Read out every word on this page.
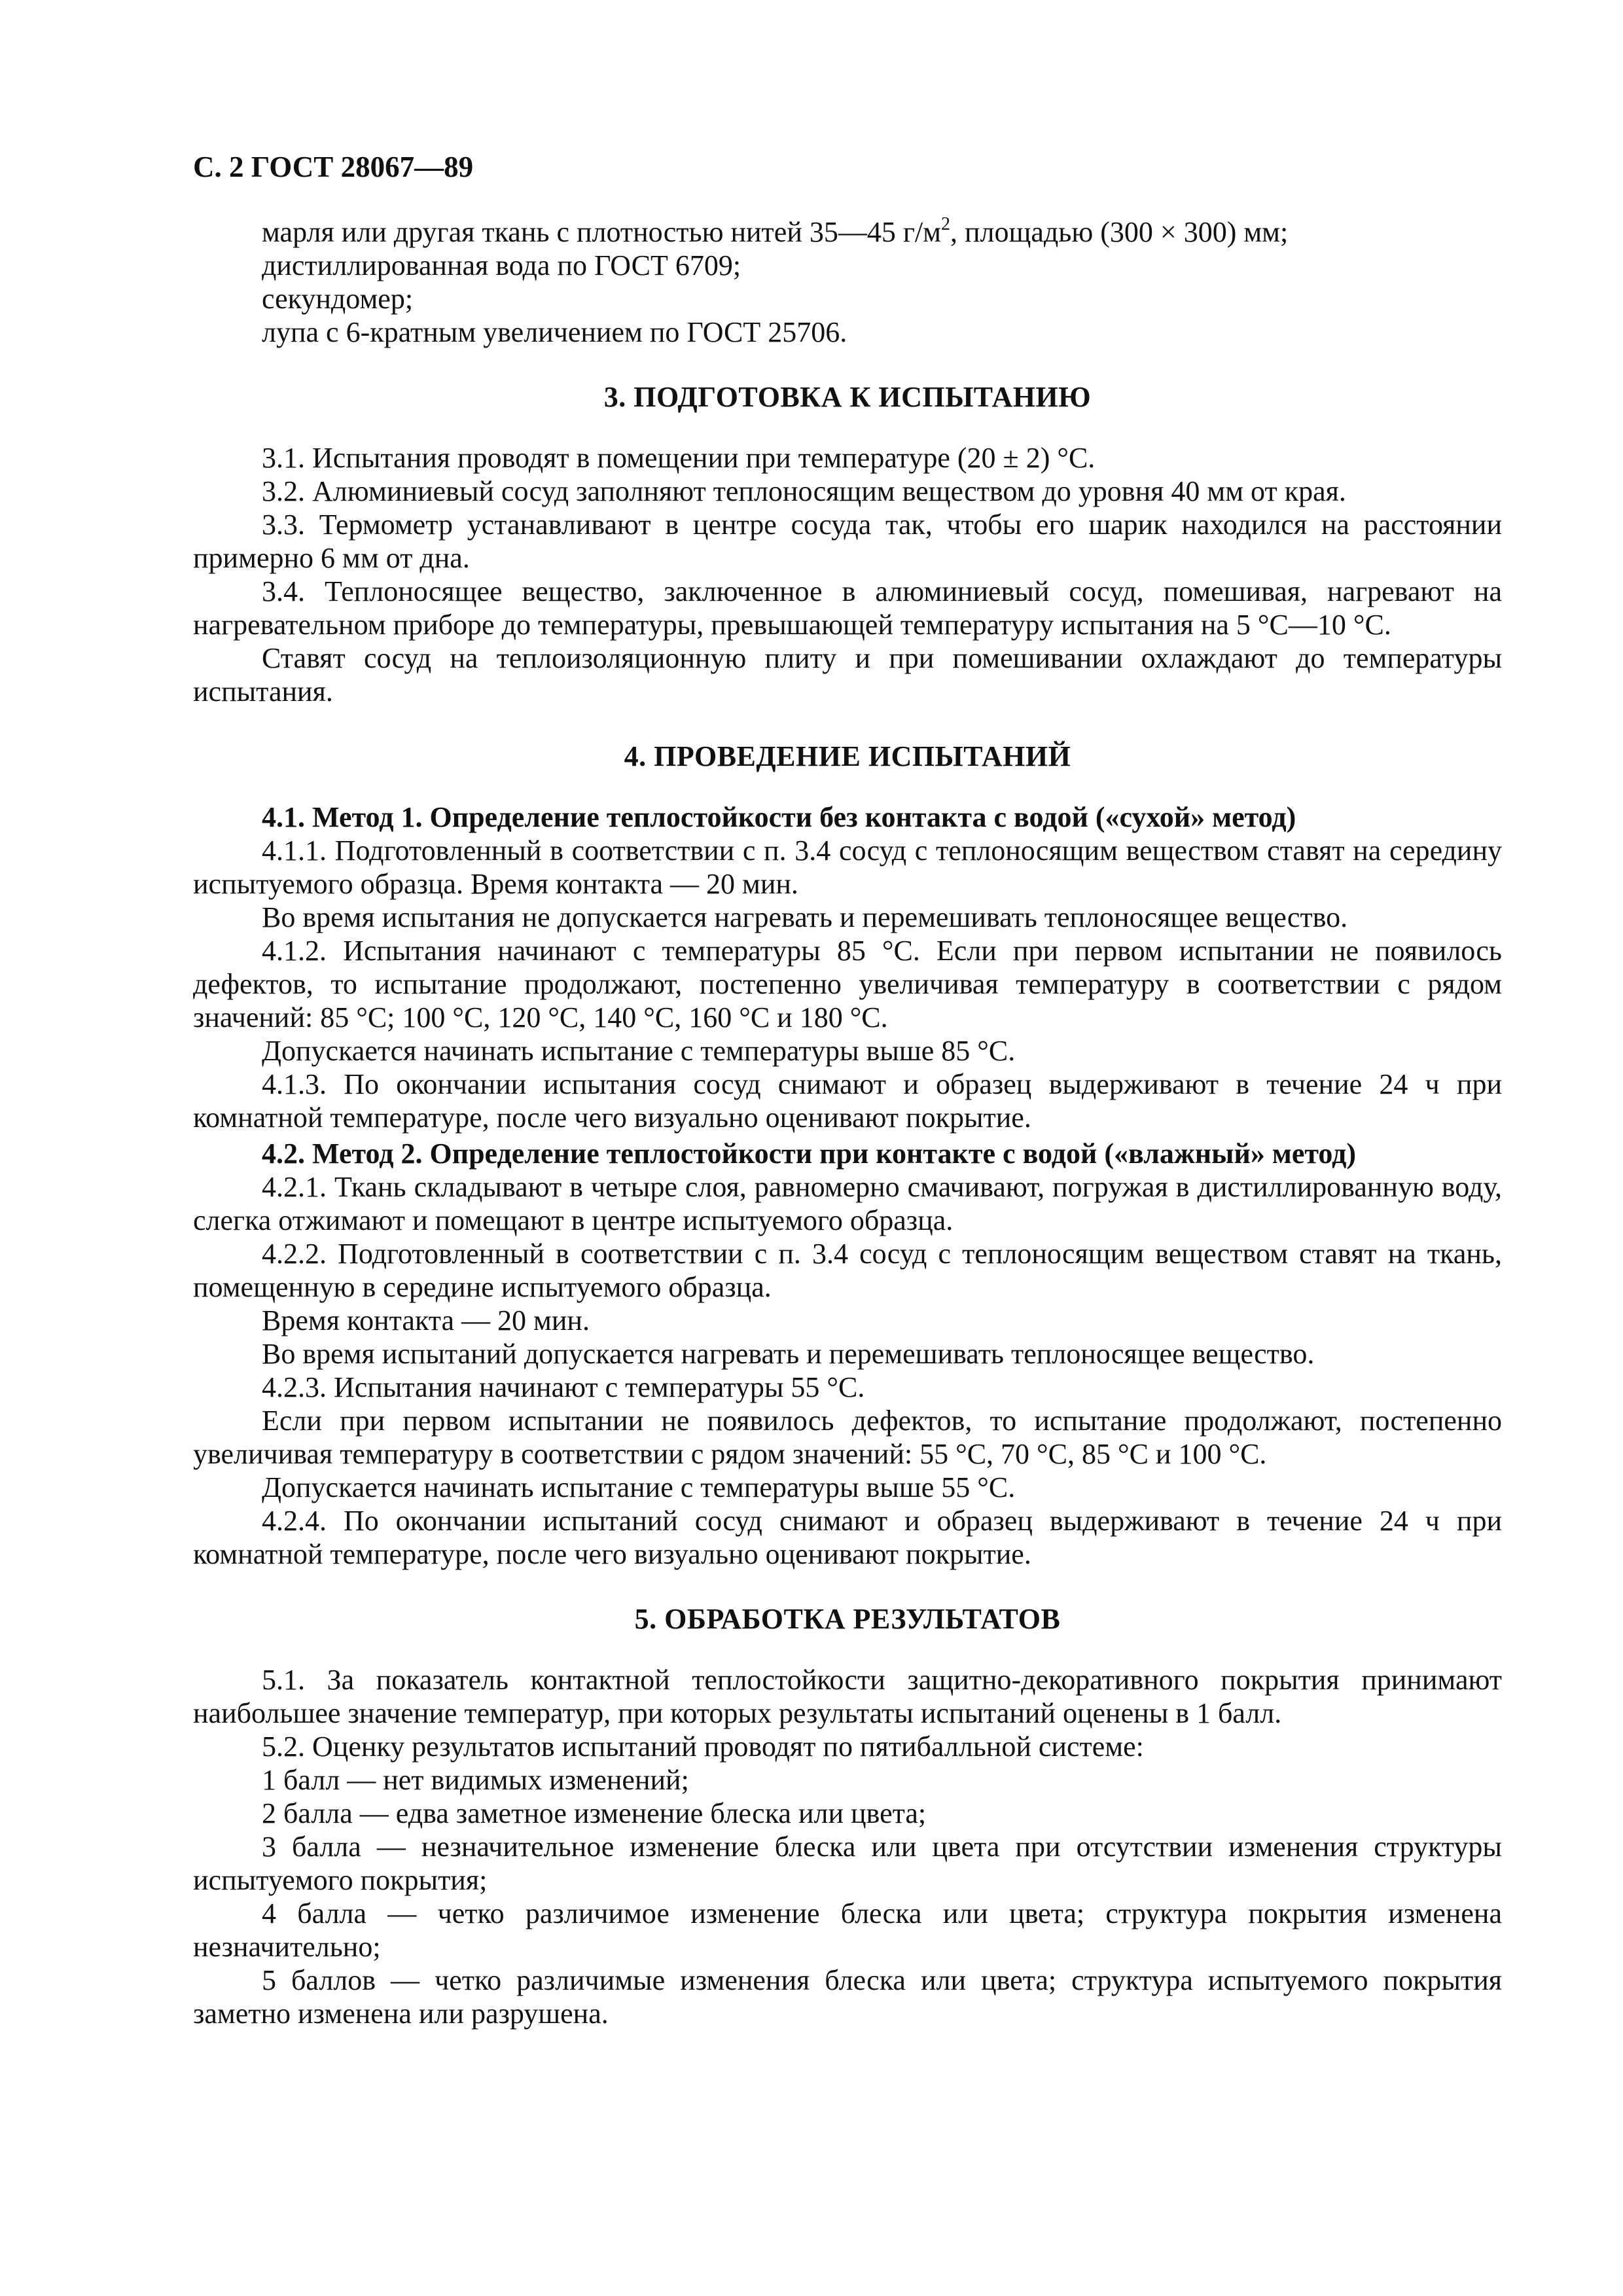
С. 2 ГОСТ 28067—89

марля или другая ткань с плотностью нитей 35—45 $г/м^2$, площадью (300 × 300) мм;

дистиллированная вода по ГОСТ 6709;

секундомер;

лупа с 6-кратным увеличением по ГОСТ 25706.

3. ПОДГОТОВКА К ИСПЫТАНИЮ

3.1. Испытания проводят в помещении при температуре (20 ± 2) °С.

3.2. Алюминиевый сосуд заполняют теплоносящим веществом до уровня 40 мм от края.

3.3. Термометр устанавливают в центре сосуда так, чтобы его шарик находился на расстоянии примерно 6 мм от дна.

3.4. Теплоносящее вещество, заключенное в алюминиевый сосуд, помешивая, нагревают на нагревательном приборе до температуры, превышающей температуру испытания на 5 °С—10 °С.

Ставят сосуд на теплоизоляционную плиту и при помешивании охлаждают до температуры испытания.

4. ПРОВЕДЕНИЕ ИСПЫТАНИЙ

4.1. Метод 1. Определение теплостойкости без контакта с водой («сухой» метод)

4.1.1. Подготовленный в соответствии с п. 3.4 сосуд с теплоносящим веществом ставят на середину испытуемого образца. Время контакта — 20 мин.

Во время испытания не допускается нагревать и перемешивать теплоносящее вещество.

4.1.2. Испытания начинают с температуры 85 °С. Если при первом испытании не появилось дефектов, то испытание продолжают, постепенно увеличивая температуру в соответствии с рядом значений: 85 °С; 100 °С, 120 °С, 140 °С, 160 °С и 180 °С.

Допускается начинать испытание с температуры выше 85 °С.

4.1.3. По окончании испытания сосуд снимают и образец выдерживают в течение 24 ч при комнатной температуре, после чего визуально оценивают покрытие.

4.2. Метод 2. Определение теплостойкости при контакте с водой («влажный» метод)

4.2.1. Ткань складывают в четыре слоя, равномерно смачивают, погружая в дистиллированную воду, слегка отжимают и помещают в центре испытуемого образца.

4.2.2. Подготовленный в соответствии с п. 3.4 сосуд с теплоносящим веществом ставят на ткань, помещенную в середине испытуемого образца.

Время контакта — 20 мин.

Во время испытаний допускается нагревать и перемешивать теплоносящее вещество.

4.2.3. Испытания начинают с температуры 55 °С.

Если при первом испытании не появилось дефектов, то испытание продолжают, постепенно увеличивая температуру в соответствии с рядом значений: 55 °С, 70 °С, 85 °С и 100 °С.

Допускается начинать испытание с температуры выше 55 °С.

4.2.4. По окончании испытаний сосуд снимают и образец выдерживают в течение 24 ч при комнатной температуре, после чего визуально оценивают покрытие.

5. ОБРАБОТКА РЕЗУЛЬТАТОВ

5.1. За показатель контактной теплостойкости защитно-декоративного покрытия принимают наибольшее значение температур, при которых результаты испытаний оценены в 1 балл.

5.2. Оценку результатов испытаний проводят по пятибалльной системе:

1 балл — нет видимых изменений;

2 балла — едва заметное изменение блеска или цвета;

3 балла — незначительное изменение блеска или цвета при отсутствии изменения структуры испытуемого покрытия;

4 балла — четко различимое изменение блеска или цвета; структура покрытия изменена незначительно;

5 баллов — четко различимые изменения блеска или цвета; структура испытуемого покрытия заметно изменена или разрушена.
